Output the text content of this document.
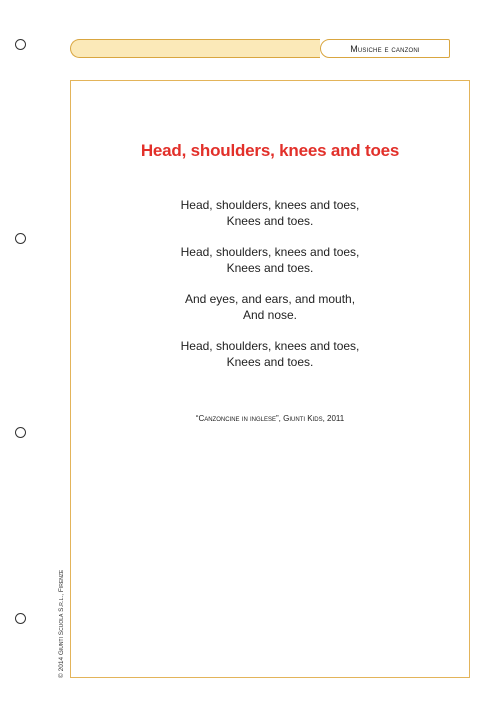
Musiche e canzoni
Head, shoulders, knees and toes
Head, shoulders, knees and toes,
Knees and toes.
Head, shoulders, knees and toes,
Knees and toes.
And eyes, and ears, and mouth,
And nose.
Head, shoulders, knees and toes,
Knees and toes.
“Canzoncine in inglese”, Giunti Kids, 2011
© 2014 Giunti Scuola S.r.l., Firenze
